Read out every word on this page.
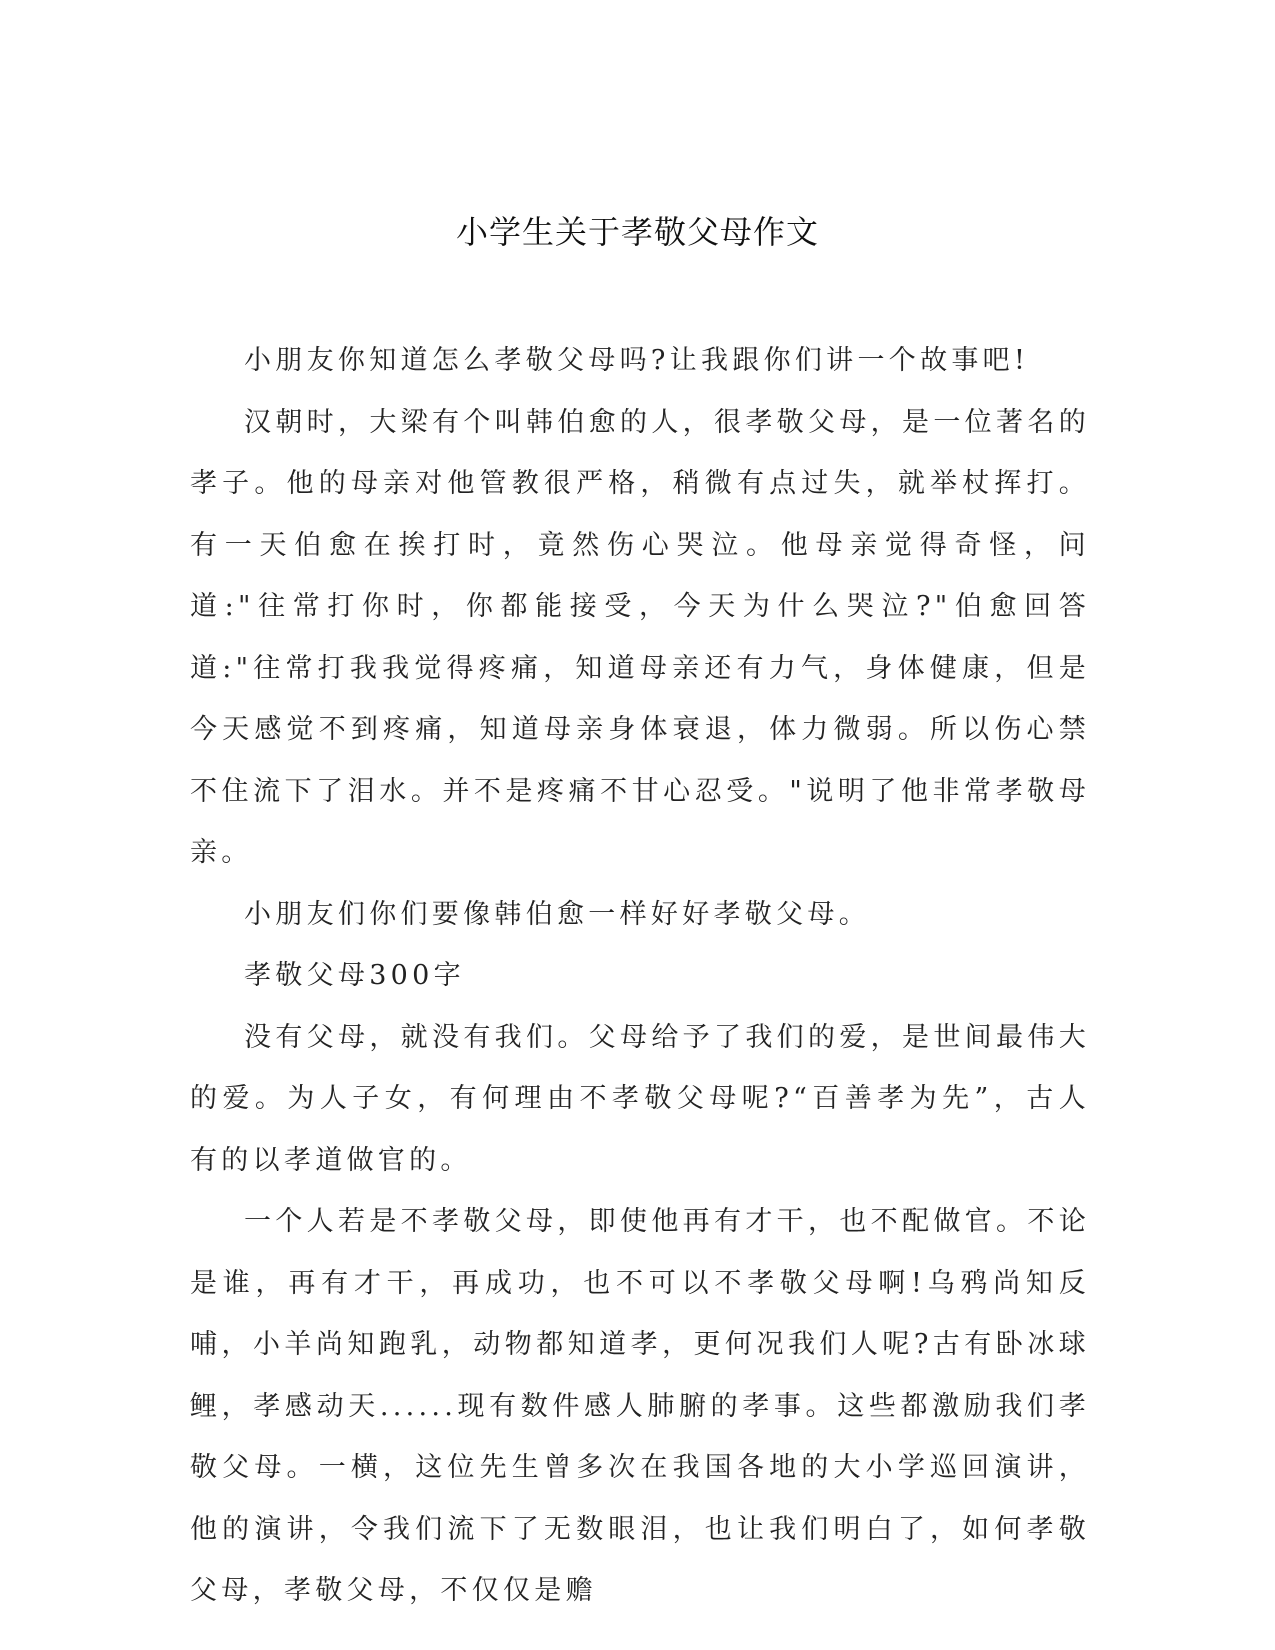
小学生关于孝敬父母作文

小朋友你知道怎么孝敬父母吗?让我跟你们讲一个故事吧!

汉朝时，大梁有个叫韩伯愈的人，很孝敬父母，是一位著名的孝子。他的母亲对他管教很严格，稍微有点过失，就举杖挥打。有一天伯愈在挨打时，竟然伤心哭泣。他母亲觉得奇怪，问道:"往常打你时，你都能接受，今天为什么哭泣?"伯愈回答道:"往常打我我觉得疼痛，知道母亲还有力气，身体健康，但是今天感觉不到疼痛，知道母亲身体衰退，体力微弱。所以伤心禁不住流下了泪水。并不是疼痛不甘心忍受。"说明了他非常孝敬母亲。

小朋友们你们要像韩伯愈一样好好孝敬父母。

孝敬父母300字

没有父母，就没有我们。父母给予了我们的爱，是世间最伟大的爱。为人子女，有何理由不孝敬父母呢?“百善孝为先”，古人有的以孝道做官的。

一个人若是不孝敬父母，即使他再有才干，也不配做官。不论是谁，再有才干，再成功，也不可以不孝敬父母啊!乌鸦尚知反哺，小羊尚知跑乳，动物都知道孝，更何况我们人呢?古有卧冰球鲤，孝感动天......现有数件感人肺腑的孝事。这些都激励我们孝敬父母。一横，这位先生曾多次在我国各地的大小学巡回演讲，他的演讲，令我们流下了无数眼泪，也让我们明白了，如何孝敬父母，孝敬父母，不仅仅是赡
